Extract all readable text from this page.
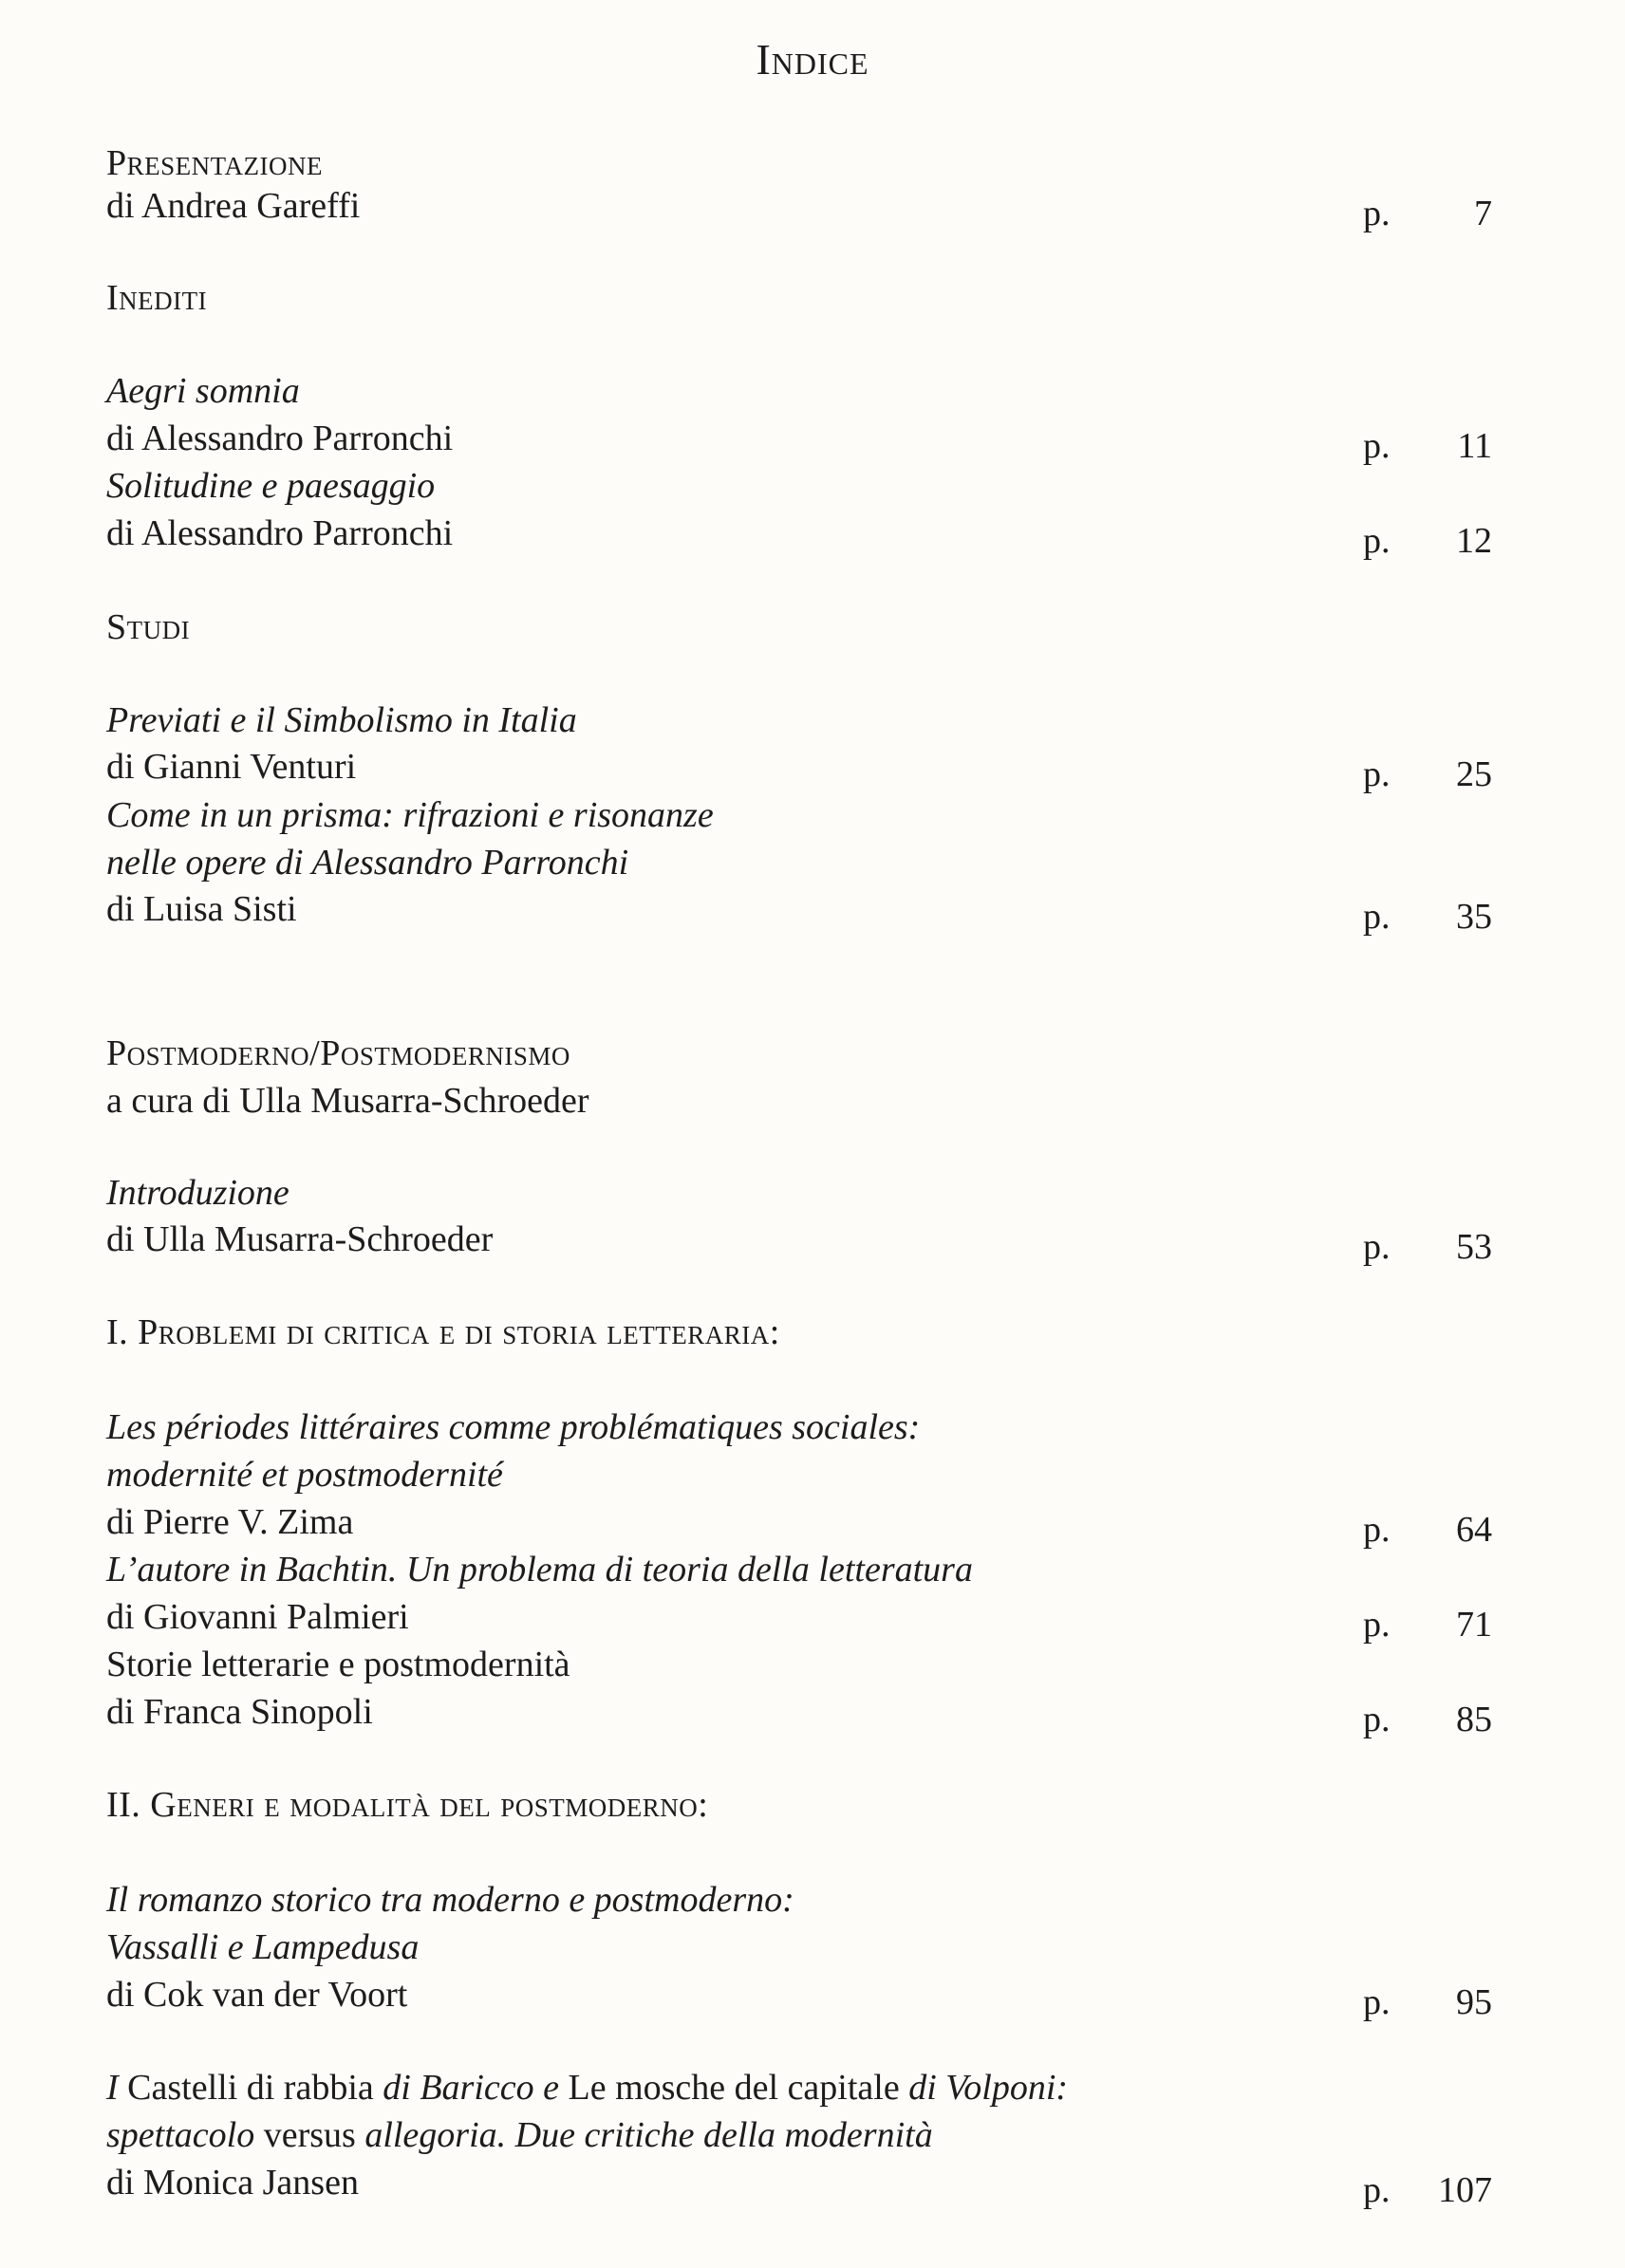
Indice
Presentazione
di Andrea Gareffi	p. 7
Inediti
Aegri somnia
di Alessandro Parronchi	p. 11
Solitudine e paesaggio
di Alessandro Parronchi	p. 12
Studi
Previati e il Simbolismo in Italia
di Gianni Venturi	p. 25
Come in un prisma: rifrazioni e risonanze
nelle opere di Alessandro Parronchi
di Luisa Sisti	p. 35
Postmoderno/Postmodernismo
a cura di Ulla Musarra-Schroeder
Introduzione
di Ulla Musarra-Schroeder	p. 53
I. Problemi di critica e di storia letteraria:
Les périodes littéraires comme problématiques sociales:
modernité et postmodernité
di Pierre V. Zima	p. 64
L’autore in Bachtin. Un problema di teoria della letteratura
di Giovanni Palmieri	p. 71
Storie letterarie e postmodernità
di Franca Sinopoli	p. 85
II. Generi e modalità del postmoderno:
Il romanzo storico tra moderno e postmoderno:
Vassalli e Lampedusa
di Cok van der Voort	p. 95
I Castelli di rabbia di Baricco e Le mosche del capitale di Volponi:
spettacolo versus allegoria. Due critiche della modernità
di Monica Jansen	p. 107
